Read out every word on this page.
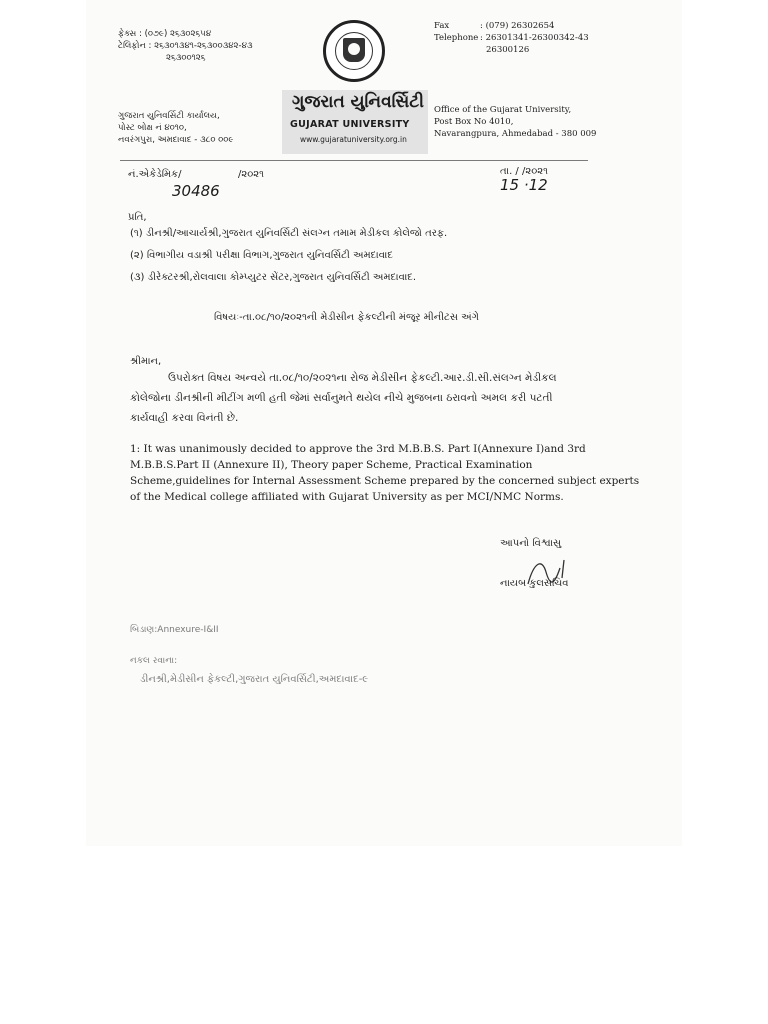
ફેક્સ : (૦૭૯) ૨૬૩૦૨૬૫૪
ટેલિફોન : ૨૬૩૦૧૩૪૧-૨૬૩૦૦૩૪૨-૪૩
૨૬૩૦૦૧૨૬
Fax	: (079) 26302654
Telephone : 26301341-26300342-43
26300126
ગુજરાત યુનિવર્સિટી
GUJARAT UNIVERSITY
www.gujaratuniversity.org.in
ગુજરાત યુનિવર્સિટી કાર્યાલય,
પોસ્ટ બોક્ષ નં ૪૦૧૦,
નવરંગપુરા, અમદાવાદ - ૩૮૦ ૦૦૯
Office of the Gujarat University,
Post Box No 4010,
Navarangpura, Ahmedabad - 380 009
નં.એકેડેમિક/	/૨૦૨૧
30486
તા. / /૨૦૨૧
15 ·12
પ્રતિ,
(૧) ડીનશ્રી/આચાર્યશ્રી,ગુજરાત યુનિવર્સિટી સંલગ્ન તમામ મેડીકલ કોલેજો તરફ.
(૨) વિભાગીય વડાશ્રી પરીક્ષા વિભાગ,ગુજરાત યુનિવર્સિટી અમદાવાદ
(૩) ડીરેક્ટરશ્રી,રોલવાલા કોમ્પ્યુટર સેંટર,ગુજરાત યુનિવર્સિટી અમદાવાદ.
વિષયઃ-તા.૦૮/૧૦/૨૦૨૧ની મેડીસીન ફેકલ્ટીની મંજૂર મીનીટસ અંગે
શ્રીમાન,
ઉપરોક્ત વિષય અન્વયે તા.૦૮/૧૦/૨૦૨૧ના રોજ મેડીસીન ફેકલ્ટી.આર.ડી.સી.સંલગ્ન મેડીકલ
કોલેજોના ડીનશ્રીની મીટીંગ મળી હતી જેમાં સર્વાનુમતે થયેલ નીચે મુજબના ઠરાવનો અમલ કરી પટતી
કાર્યવાહી કરવા વિનંતી છે.
1: It was unanimously decided to approve the 3rd M.B.B.S. Part I(Annexure I)and 3rd
M.B.B.S.Part II (Annexure II), Theory paper Scheme, Practical Examination
Scheme,guidelines for Internal Assessment Scheme prepared by the concerned subject experts
of the Medical college affiliated with Gujarat University as per MCI/NMC Norms.
આપનો વિશ્વાસુ
નાયબ કુલસચિવ
બિડાણ:Annexure-I&II
નકલ રવાના:
ડીનશ્રી,મેડીસીન ફેકલ્ટી,ગુજરાત યુનિવર્સિટી,અમદાવાદ-૯
